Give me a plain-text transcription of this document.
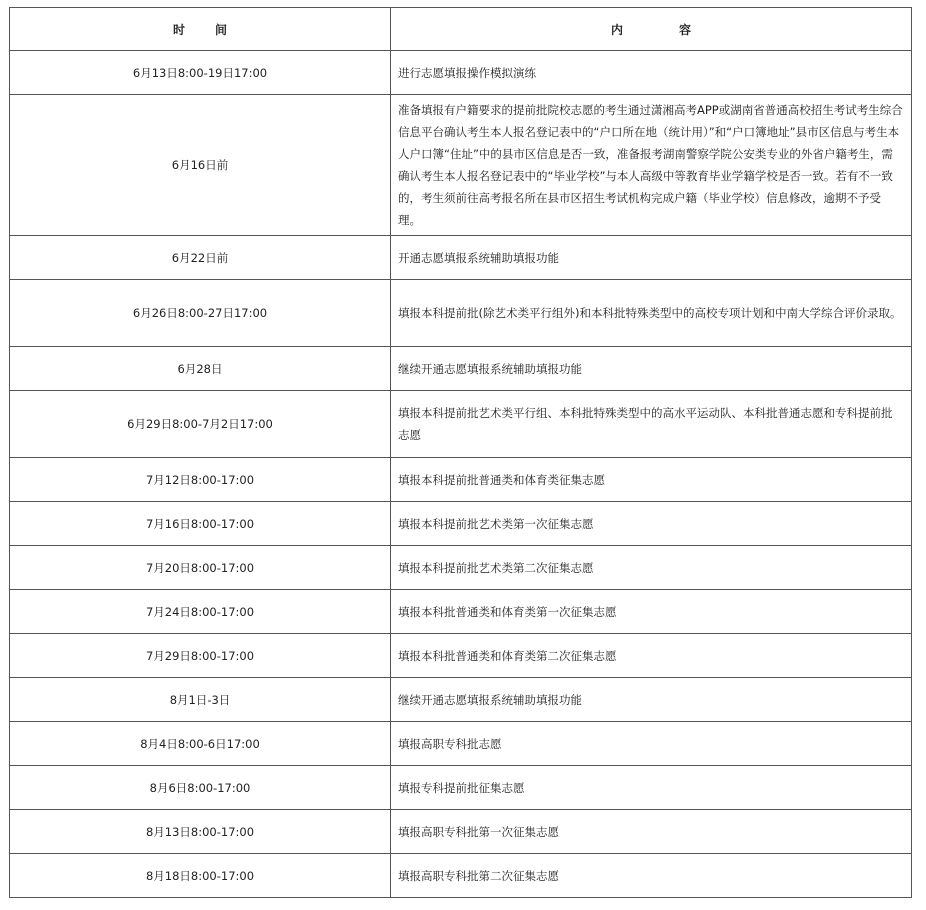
时 间	内 容
6月13日8:00-19日17:00	进行志愿填报操作模拟演练
6月16日前	准备填报有户籍要求的提前批院校志愿的考生通过潇湘高考APP或湖南省普通高校招生考试考生综合信息平台确认考生本人报名登记表中的“户口所在地（统计用）”和“户口簿地址”县市区信息与考生本人户口簿“住址”中的县市区信息是否一致，准备报考湖南警察学院公安类专业的外省户籍考生，需确认考生本人报名登记表中的“毕业学校”与本人高级中等教育毕业学籍学校是否一致。若有不一致的，考生须前往高考报名所在县市区招生考试机构完成户籍（毕业学校）信息修改，逾期不予受理。
6月22日前	开通志愿填报系统辅助填报功能
6月26日8:00-27日17:00	填报本科提前批(除艺术类平行组外)和本科批特殊类型中的高校专项计划和中南大学综合评价录取。
6月28日	继续开通志愿填报系统辅助填报功能
6月29日8:00-7月2日17:00	填报本科提前批艺术类平行组、本科批特殊类型中的高水平运动队、本科批普通志愿和专科提前批志愿
7月12日8:00-17:00	填报本科提前批普通类和体育类征集志愿
7月16日8:00-17:00	填报本科提前批艺术类第一次征集志愿
7月20日8:00-17:00	填报本科提前批艺术类第二次征集志愿
7月24日8:00-17:00	填报本科批普通类和体育类第一次征集志愿
7月29日8:00-17:00	填报本科批普通类和体育类第二次征集志愿
8月1日-3日	继续开通志愿填报系统辅助填报功能
8月4日8:00-6日17:00	填报高职专科批志愿
8月6日8:00-17:00	填报专科提前批征集志愿
8月13日8:00-17:00	填报高职专科批第一次征集志愿
8月18日8:00-17:00	填报高职专科批第二次征集志愿
